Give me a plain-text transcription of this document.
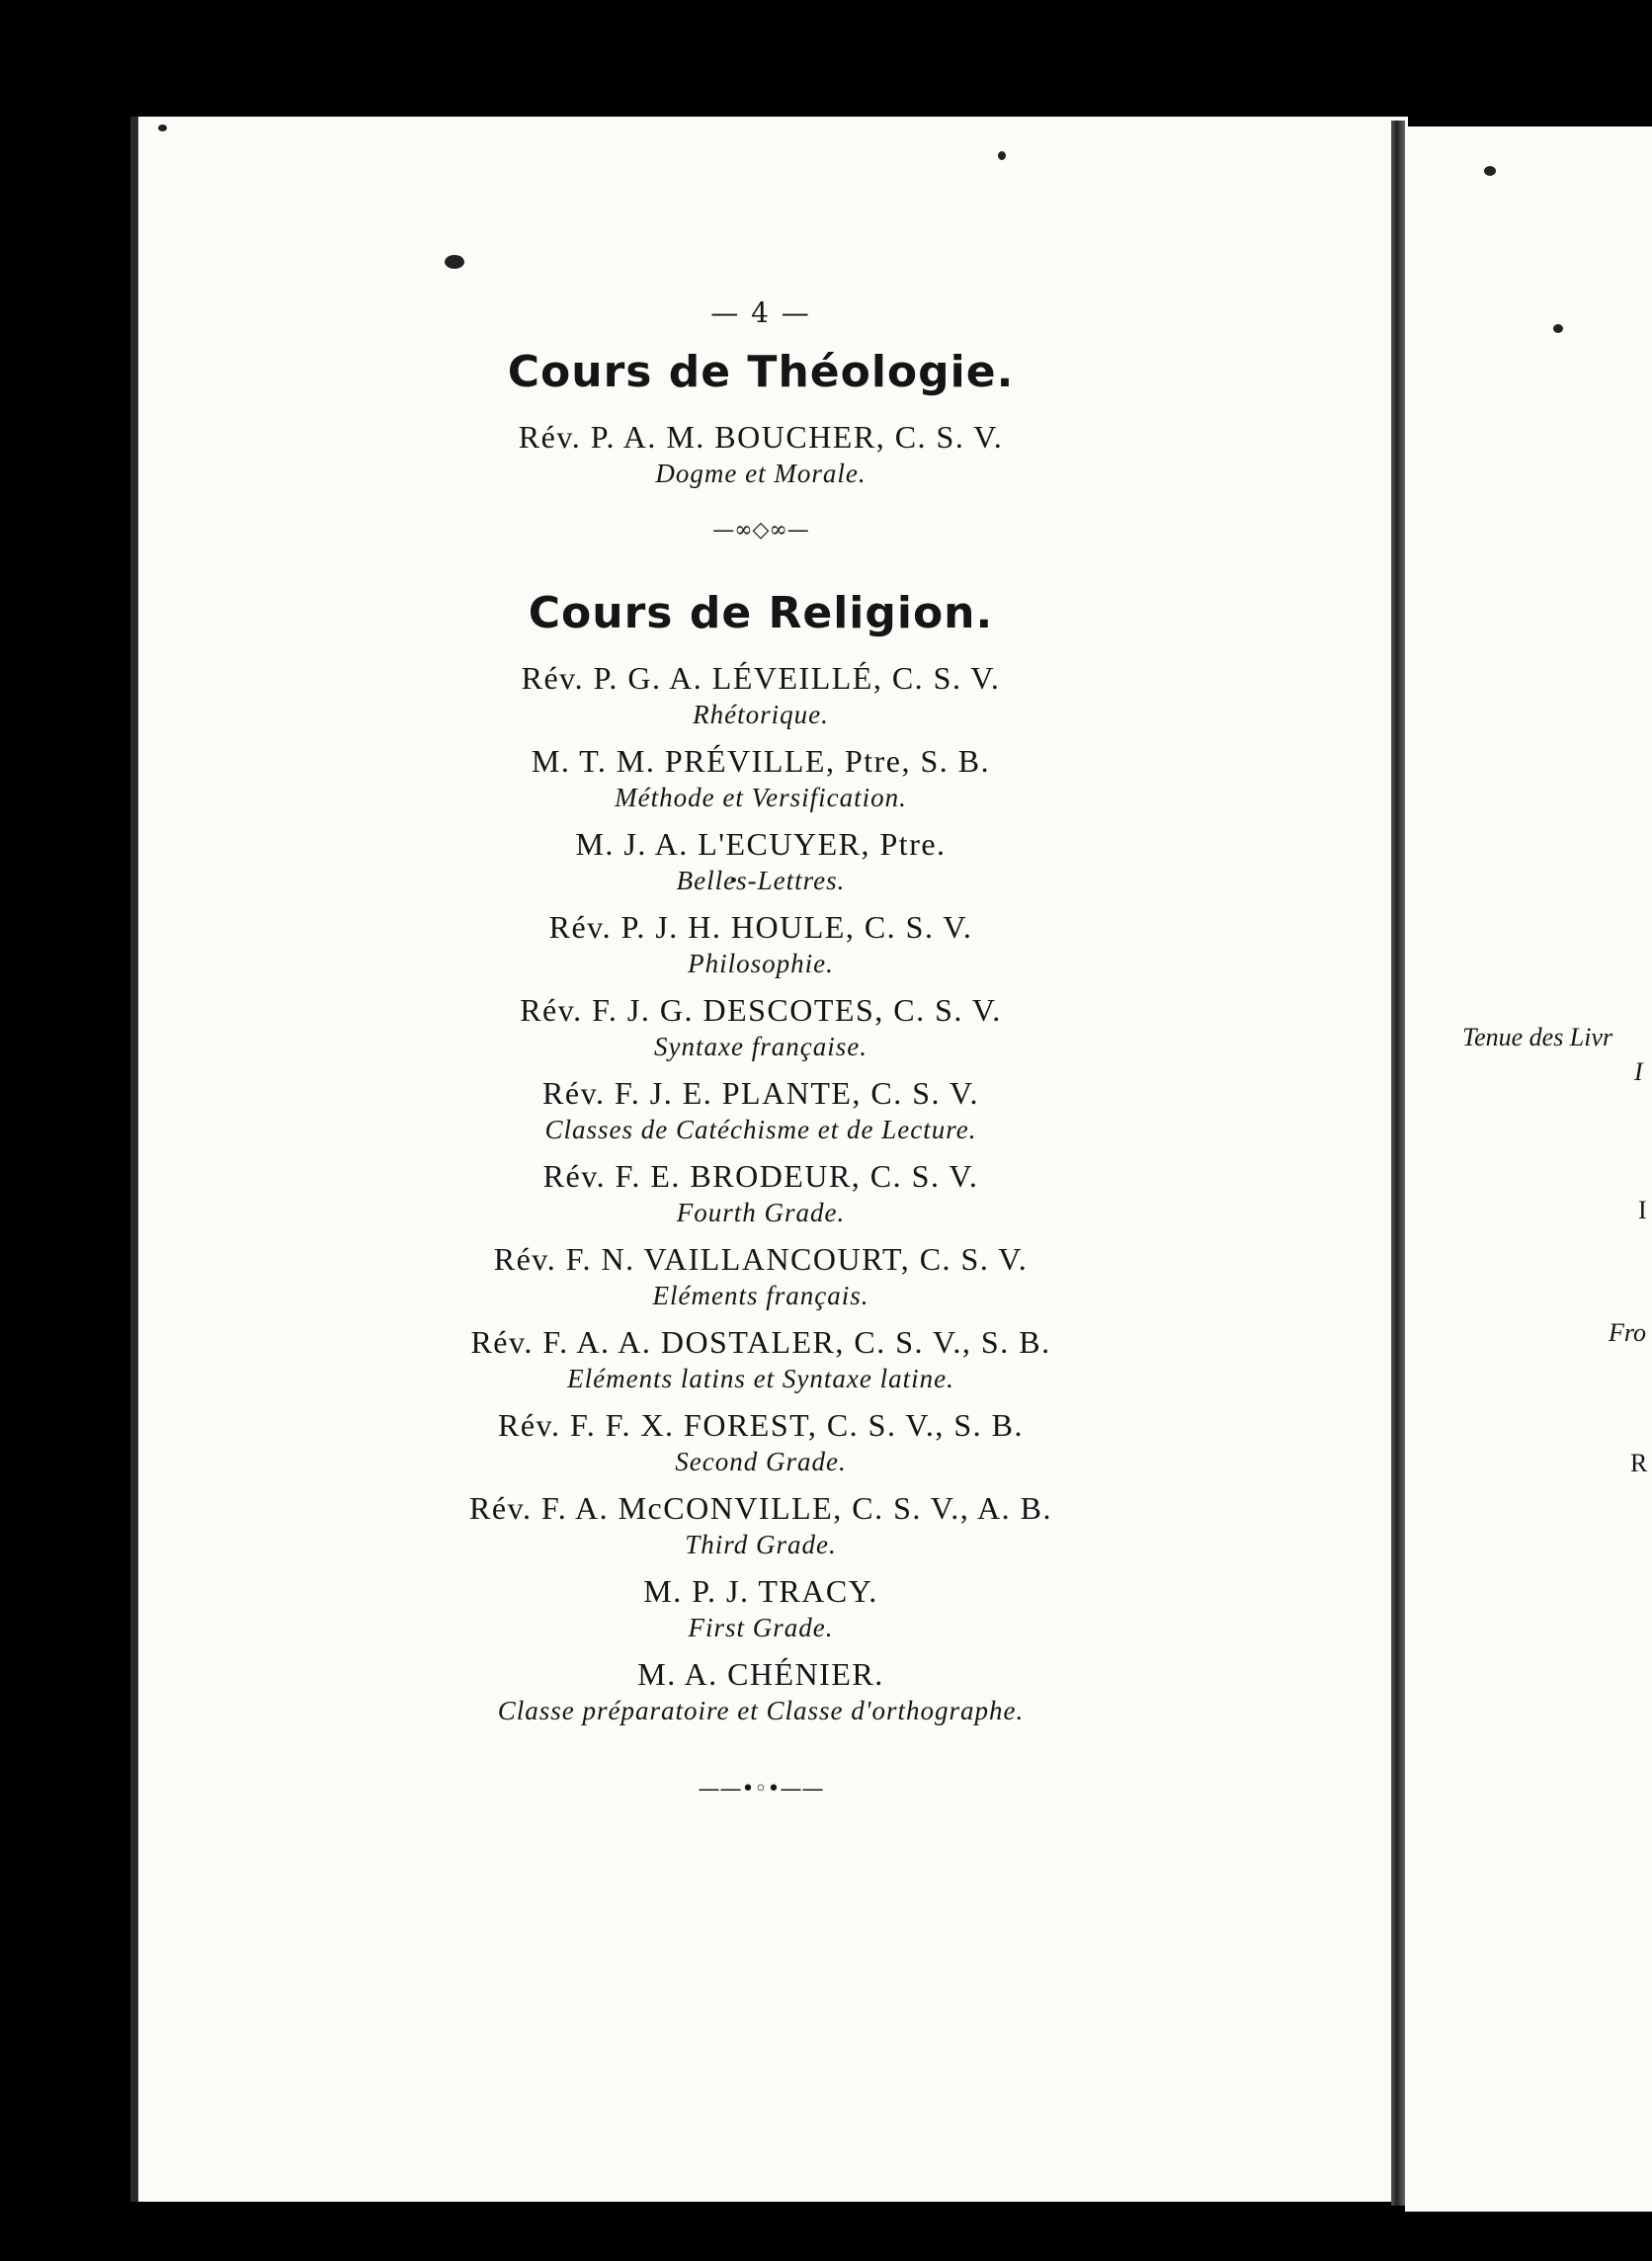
Tenue des Livr
I
I
Fro
R
— 4 —
Cours de Théologie.
Rév. P. A. M. BOUCHER, C. S. V.
Dogme et Morale.
—∞◇∞—
Cours de Religion.
Rév. P. G. A. LÉVEILLÉ, C. S. V.
Rhétorique.
M. T. M. PRÉVILLE, Ptre, S. B.
Méthode et Versification.
M. J. A. L'ECUYER, Ptre.
Belles-Lettres.
Rév. P. J. H. HOULE, C. S. V.
Philosophie.
Rév. F. J. G. DESCOTES, C. S. V.
Syntaxe française.
Rév. F. J. E. PLANTE, C. S. V.
Classes de Catéchisme et de Lecture.
Rév. F. E. BRODEUR, C. S. V.
Fourth Grade.
Rév. F. N. VAILLANCOURT, C. S. V.
Eléments français.
Rév. F. A. A. DOSTALER, C. S. V., S. B.
Eléments latins et Syntaxe latine.
Rév. F. F. X. FOREST, C. S. V., S. B.
Second Grade.
Rév. F. A. McCONVILLE, C. S. V., A. B.
Third Grade.
M. P. J. TRACY.
First Grade.
M. A. CHÉNIER.
Classe préparatoire et Classe d'orthographe.
——•◦•——
